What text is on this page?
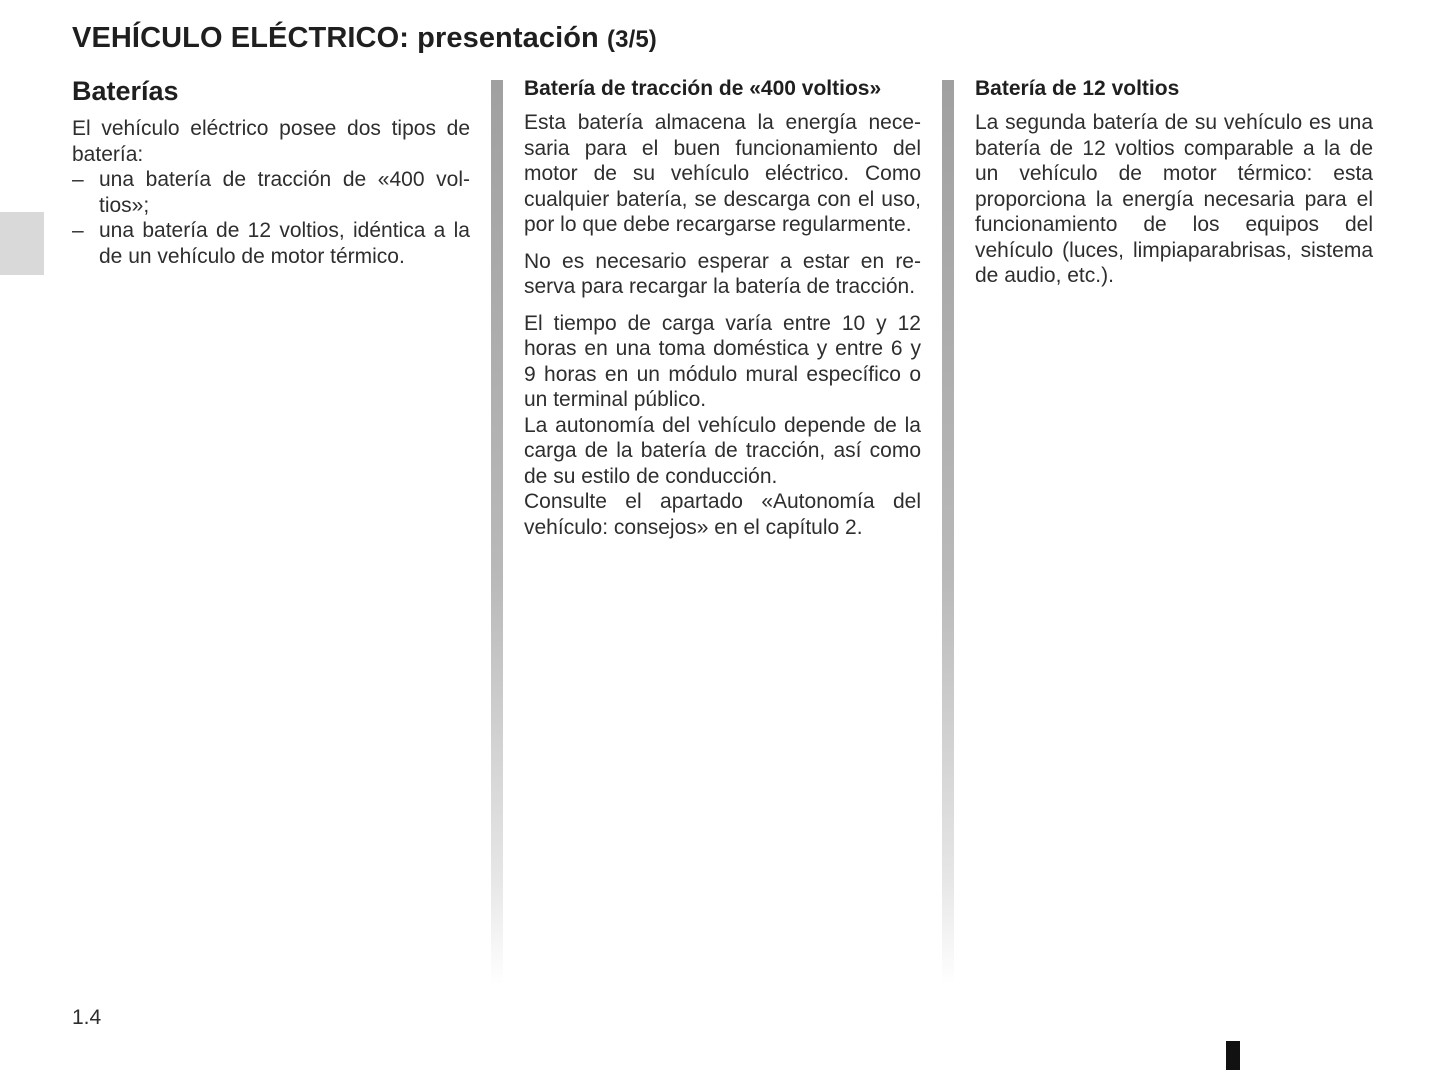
VEHÍCULO ELÉCTRICO: presentación (3/5)
Baterías

El vehículo eléctrico posee dos tipos de batería:

– una batería de tracción de «400 voltios»;
– una batería de 12 voltios, idéntica a la de un vehículo de motor térmico.
Batería de tracción de «400 voltios»

Esta batería almacena la energía necesaria para el buen funcionamiento del motor de su vehículo eléctrico. Como cualquier batería, se descarga con el uso, por lo que debe recargarse regularmente.

No es necesario esperar a estar en reserva para recargar la batería de tracción.

El tiempo de carga varía entre 10 y 12 horas en una toma doméstica y entre 6 y 9 horas en un módulo mural específico o un terminal público.

La autonomía del vehículo depende de la carga de la batería de tracción, así como de su estilo de conducción.

Consulte el apartado «Autonomía del vehículo: consejos» en el capítulo 2.

Batería de 12 voltios

La segunda batería de su vehículo es una batería de 12 voltios comparable a la de un vehículo de motor térmico: esta proporciona la energía necesaria para el funcionamiento de los equipos del vehículo (luces, limpiaparabrisas, sistema de audio, etc.).

1.4
